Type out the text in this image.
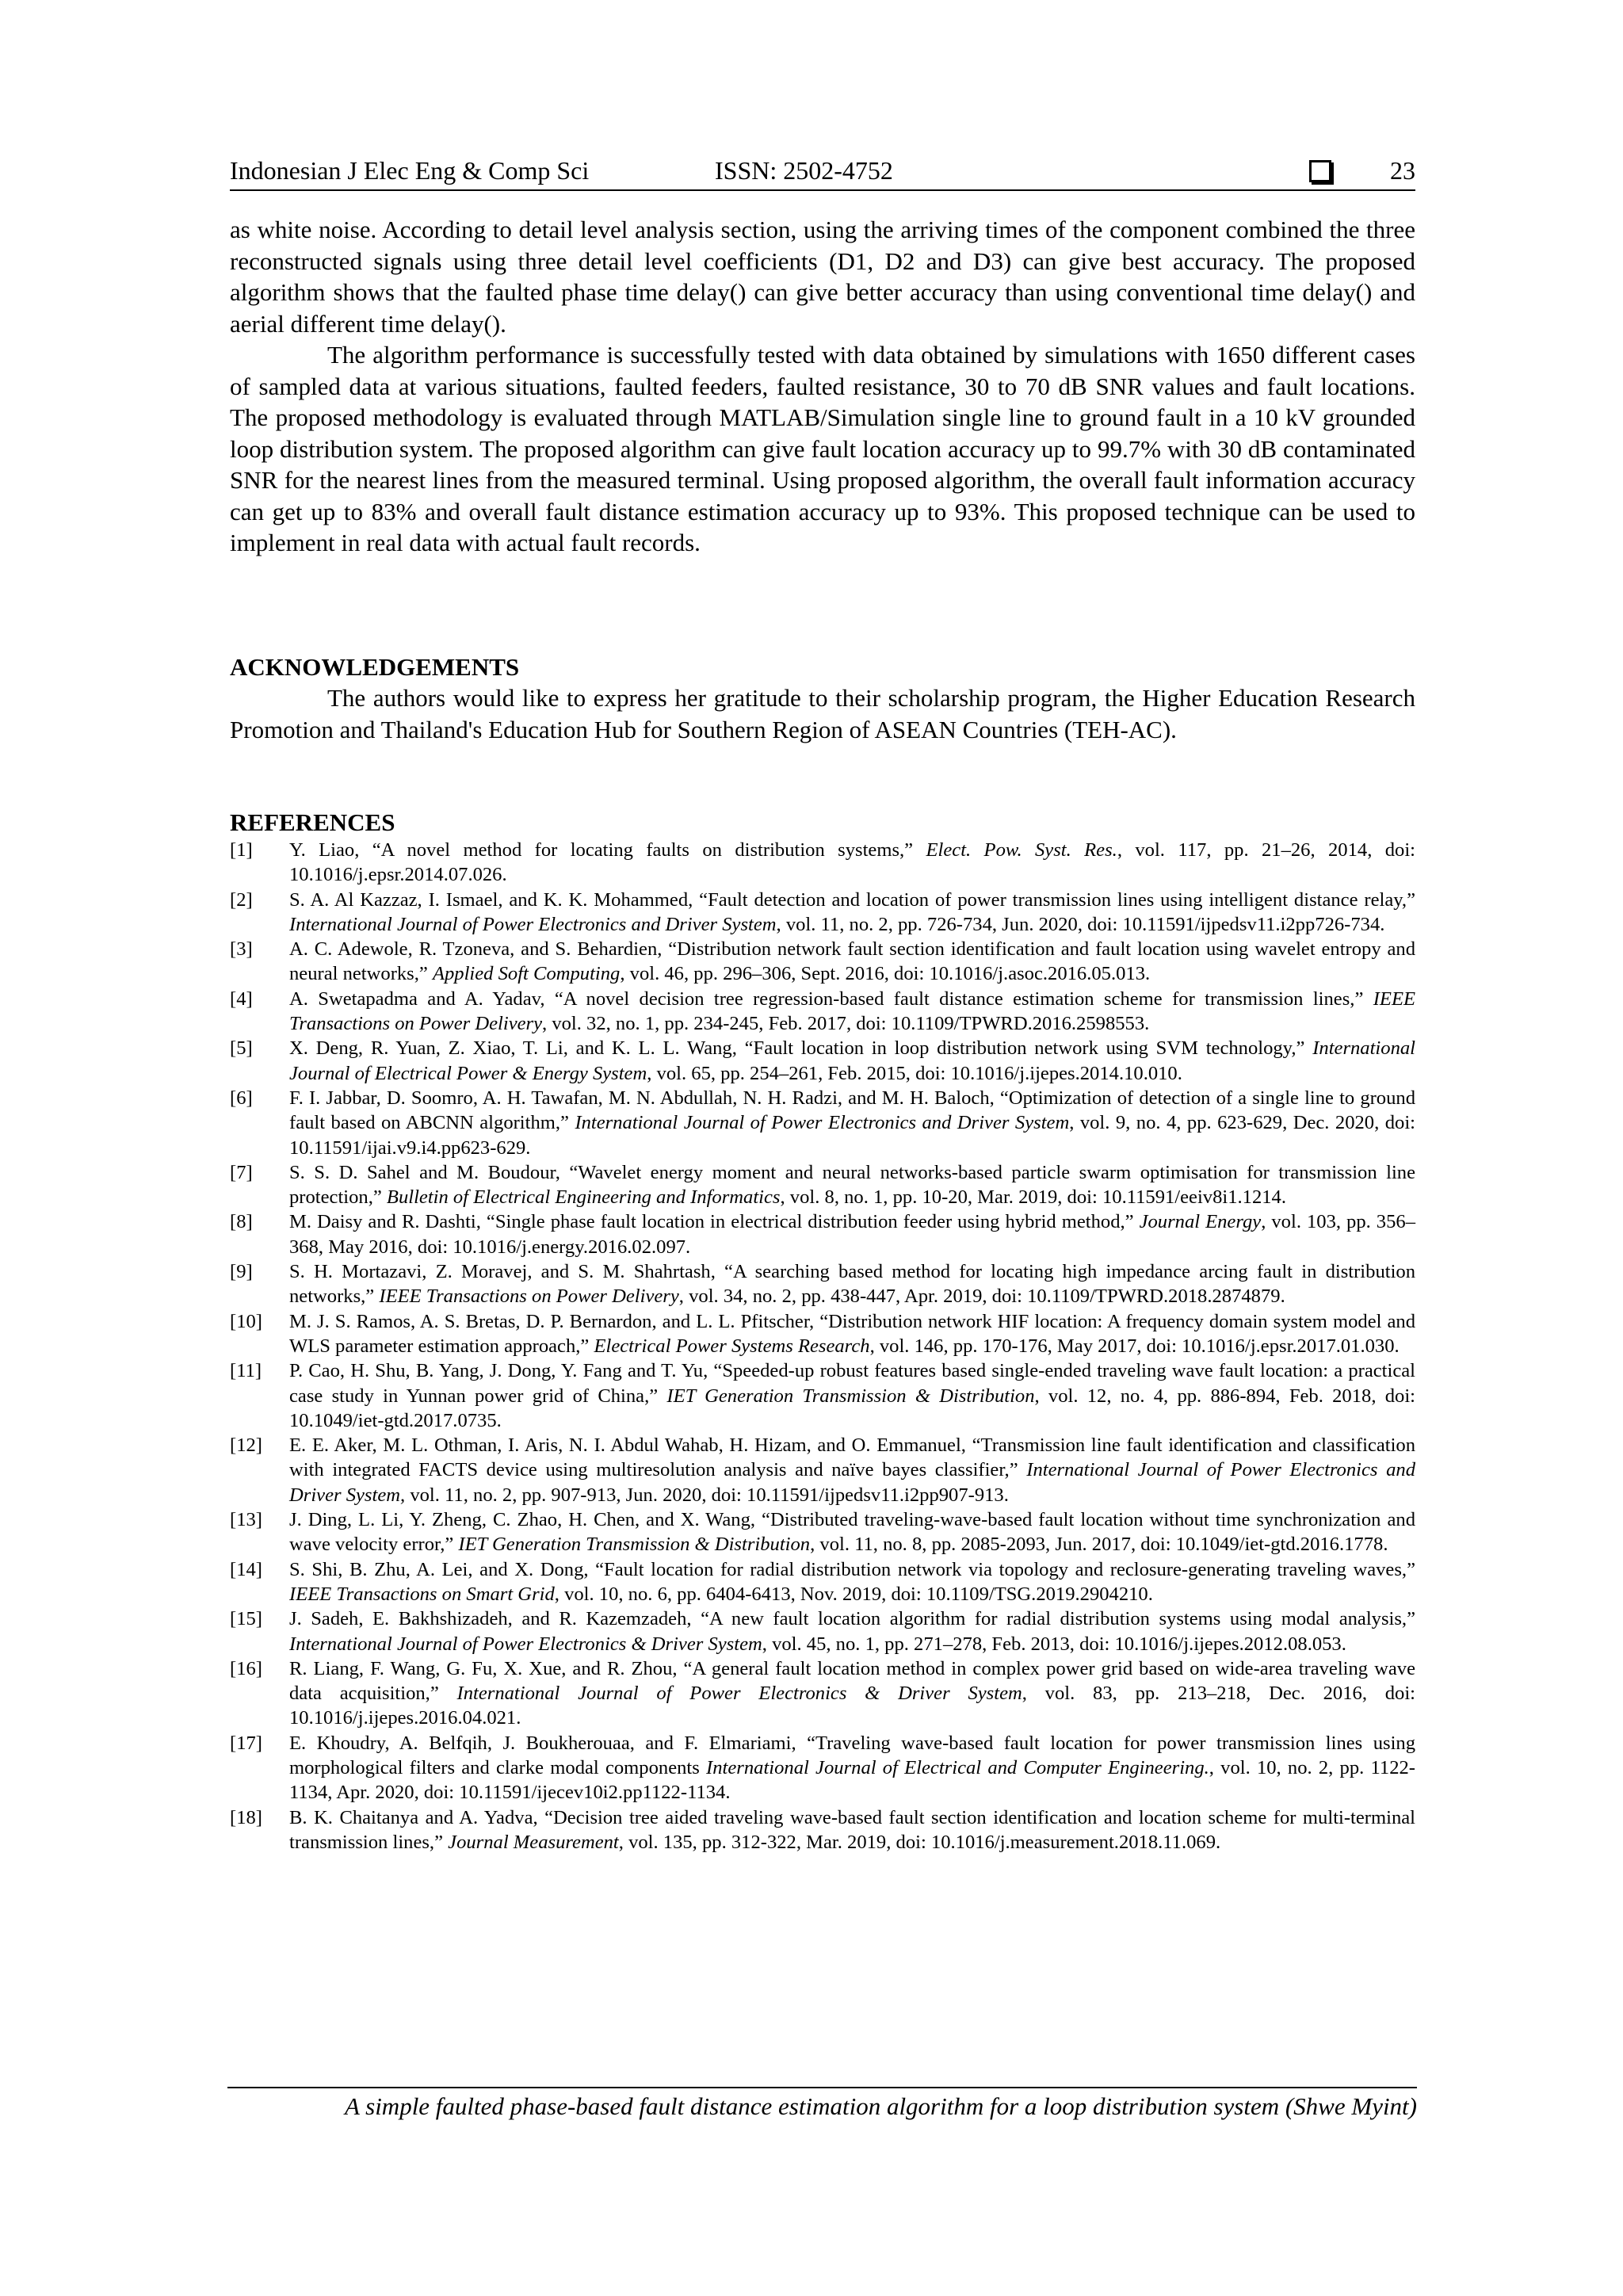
Indonesian J Elec Eng & Comp Sci	ISSN: 2502-4752	23

as white noise. According to detail level analysis section, using the arriving times of the component combined the three reconstructed signals using three detail level coefficients (D1, D2 and D3) can give best accuracy. The proposed algorithm shows that the faulted phase time delay() can give better accuracy than using conventional time delay() and aerial different time delay().

The algorithm performance is successfully tested with data obtained by simulations with 1650 different cases of sampled data at various situations, faulted feeders, faulted resistance, 30 to 70 dB SNR values and fault locations. The proposed methodology is evaluated through MATLAB/Simulation single line to ground fault in a 10 kV grounded loop distribution system. The proposed algorithm can give fault location accuracy up to 99.7% with 30 dB contaminated SNR for the nearest lines from the measured terminal. Using proposed algorithm, the overall fault information accuracy can get up to 83% and overall fault distance estimation accuracy up to 93%. This proposed technique can be used to implement in real data with actual fault records.

ACKNOWLEDGEMENTS

The authors would like to express her gratitude to their scholarship program, the Higher Education Research Promotion and Thailand's Education Hub for Southern Region of ASEAN Countries (TEH-AC).

REFERENCES
[1]	Y. Liao, “A novel method for locating faults on distribution systems,” Elect. Pow. Syst. Res., vol. 117, pp. 21–26, 2014, doi: 10.1016/j.epsr.2014.07.026.
[2]	S. A. Al Kazzaz, I. Ismael, and K. K. Mohammed, “Fault detection and location of power transmission lines using intelligent distance relay,” International Journal of Power Electronics and Driver System, vol. 11, no. 2, pp. 726-734, Jun. 2020, doi: 10.11591/ijpedsv11.i2pp726-734.
[3]	A. C. Adewole, R. Tzoneva, and S. Behardien, “Distribution network fault section identification and fault location using wavelet entropy and neural networks,” Applied Soft Computing, vol. 46, pp. 296–306, Sept. 2016, doi: 10.1016/j.asoc.2016.05.013.
[4]	A. Swetapadma and A. Yadav, “A novel decision tree regression-based fault distance estimation scheme for transmission lines,” IEEE Transactions on Power Delivery, vol. 32, no. 1, pp. 234-245, Feb. 2017, doi: 10.1109/TPWRD.2016.2598553.
[5]	X. Deng, R. Yuan, Z. Xiao, T. Li, and K. L. L. Wang, “Fault location in loop distribution network using SVM technology,” International Journal of Electrical Power & Energy System, vol. 65, pp. 254–261, Feb. 2015, doi: 10.1016/j.ijepes.2014.10.010.
[6]	F. I. Jabbar, D. Soomro, A. H. Tawafan, M. N. Abdullah, N. H. Radzi, and M. H. Baloch, “Optimization of detection of a single line to ground fault based on ABCNN algorithm,” International Journal of Power Electronics and Driver System, vol. 9, no. 4, pp. 623-629, Dec. 2020, doi: 10.11591/ijai.v9.i4.pp623-629.
[7]	S. S. D. Sahel and M. Boudour, “Wavelet energy moment and neural networks-based particle swarm optimisation for transmission line protection,” Bulletin of Electrical Engineering and Informatics, vol. 8, no. 1, pp. 10-20, Mar. 2019, doi: 10.11591/eeiv8i1.1214.
[8]	M. Daisy and R. Dashti, “Single phase fault location in electrical distribution feeder using hybrid method,” Journal Energy, vol. 103, pp. 356–368, May 2016, doi: 10.1016/j.energy.2016.02.097.
[9]	S. H. Mortazavi, Z. Moravej, and S. M. Shahrtash, “A searching based method for locating high impedance arcing fault in distribution networks,” IEEE Transactions on Power Delivery, vol. 34, no. 2, pp. 438-447, Apr. 2019, doi: 10.1109/TPWRD.2018.2874879.
[10]	M. J. S. Ramos, A. S. Bretas, D. P. Bernardon, and L. L. Pfitscher, “Distribution network HIF location: A frequency domain system model and WLS parameter estimation approach,” Electrical Power Systems Research, vol. 146, pp. 170-176, May 2017, doi: 10.1016/j.epsr.2017.01.030.
[11]	P. Cao, H. Shu, B. Yang, J. Dong, Y. Fang and T. Yu, “Speeded-up robust features based single-ended traveling wave fault location: a practical case study in Yunnan power grid of China,” IET Generation Transmission & Distribution, vol. 12, no. 4, pp. 886-894, Feb. 2018, doi: 10.1049/iet-gtd.2017.0735.
[12]	E. E. Aker, M. L. Othman, I. Aris, N. I. Abdul Wahab, H. Hizam, and O. Emmanuel, “Transmission line fault identification and classification with integrated FACTS device using multiresolution analysis and naïve bayes classifier,” International Journal of Power Electronics and Driver System, vol. 11, no. 2, pp. 907-913, Jun. 2020, doi: 10.11591/ijpedsv11.i2pp907-913.
[13]	J. Ding, L. Li, Y. Zheng, C. Zhao, H. Chen, and X. Wang, “Distributed traveling-wave-based fault location without time synchronization and wave velocity error,” IET Generation Transmission & Distribution, vol. 11, no. 8, pp. 2085-2093, Jun. 2017, doi: 10.1049/iet-gtd.2016.1778.
[14]	S. Shi, B. Zhu, A. Lei, and X. Dong, “Fault location for radial distribution network via topology and reclosure-generating traveling waves,” IEEE Transactions on Smart Grid, vol. 10, no. 6, pp. 6404-6413, Nov. 2019, doi: 10.1109/TSG.2019.2904210.
[15]	J. Sadeh, E. Bakhshizadeh, and R. Kazemzadeh, “A new fault location algorithm for radial distribution systems using modal analysis,” International Journal of Power Electronics & Driver System, vol. 45, no. 1, pp. 271–278, Feb. 2013, doi: 10.1016/j.ijepes.2012.08.053.
[16]	R. Liang, F. Wang, G. Fu, X. Xue, and R. Zhou, “A general fault location method in complex power grid based on wide-area traveling wave data acquisition,” International Journal of Power Electronics & Driver System, vol. 83, pp. 213–218, Dec. 2016, doi: 10.1016/j.ijepes.2016.04.021.
[17]	E. Khoudry, A. Belfqih, J. Boukherouaa, and F. Elmariami, “Traveling wave-based fault location for power transmission lines using morphological filters and clarke modal components International Journal of Electrical and Computer Engineering., vol. 10, no. 2, pp. 1122-1134, Apr. 2020, doi: 10.11591/ijecev10i2.pp1122-1134.
[18]	B. K. Chaitanya and A. Yadva, “Decision tree aided traveling wave-based fault section identification and location scheme for multi-terminal transmission lines,” Journal Measurement, vol. 135, pp. 312-322, Mar. 2019, doi: 10.1016/j.measurement.2018.11.069.
A simple faulted phase-based fault distance estimation algorithm for a loop distribution system (Shwe Myint)
